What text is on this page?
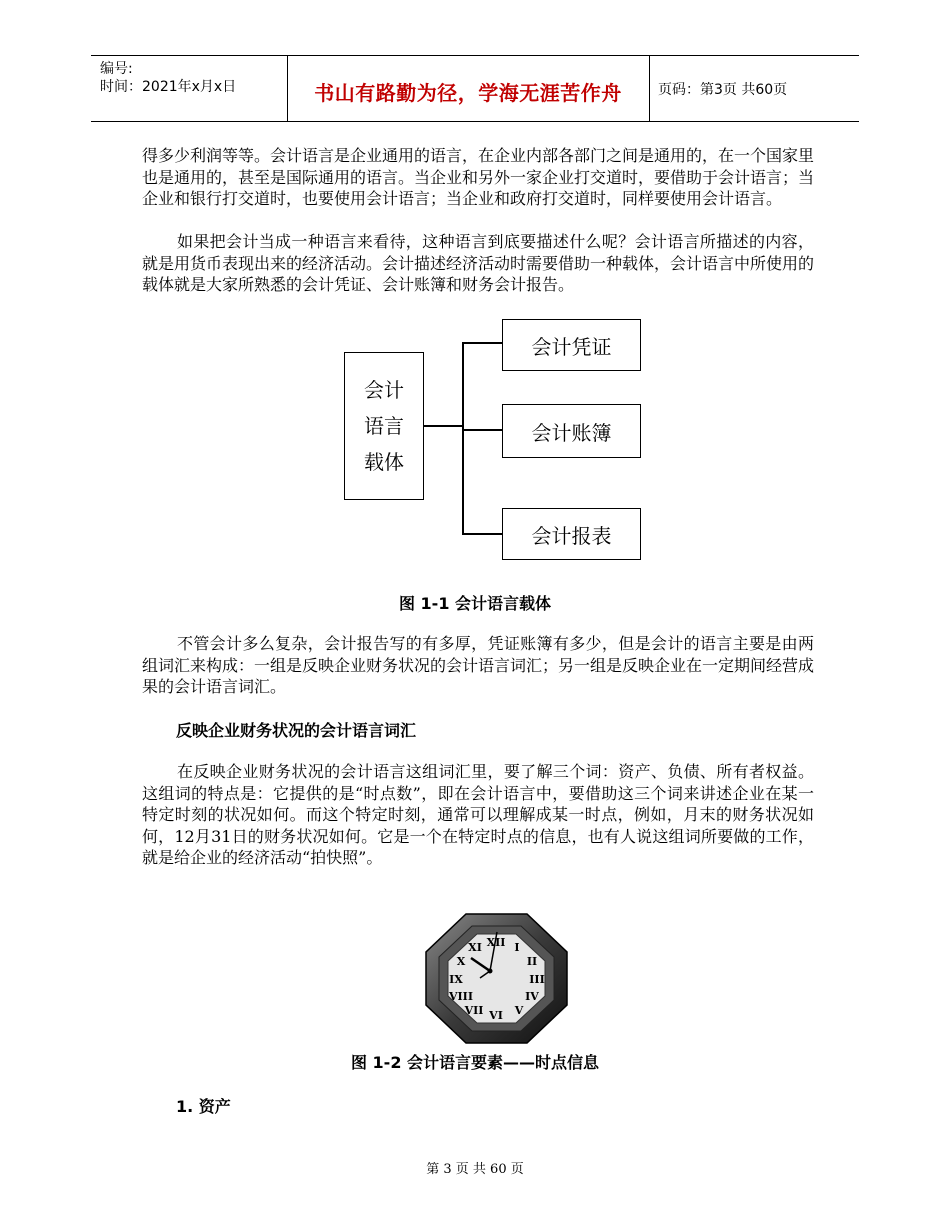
编号:
时间：2021年x月x日	书山有路勤为径，学海无涯苦作舟	页码：第3页 共60页
得多少利润等等。会计语言是企业通用的语言，在企业内部各部门之间是通用的，在一个国家里也是通用的，甚至是国际通用的语言。当企业和另外一家企业打交道时，要借助于会计语言；当企业和银行打交道时，也要使用会计语言；当企业和政府打交道时，同样要使用会计语言。
如果把会计当成一种语言来看待，这种语言到底要描述什么呢？会计语言所描述的内容，就是用货币表现出来的经济活动。会计描述经济活动时需要借助一种载体，会计语言中所使用的载体就是大家所熟悉的会计凭证、会计账簿和财务会计报告。
会计
语言
载体
会计凭证
会计账簿
会计报表
图 1-1 会计语言载体
不管会计多么复杂，会计报告写的有多厚，凭证账簿有多少，但是会计的语言主要是由两组词汇来构成：一组是反映企业财务状况的会计语言词汇；另一组是反映企业在一定期间经营成果的会计语言词汇。
反映企业财务状况的会计语言词汇
在反映企业财务状况的会计语言这组词汇里，要了解三个词：资产、负债、所有者权益。这组词的特点是：它提供的是“时点数”，即在会计语言中，要借助这三个词来讲述企业在某一特定时刻的状况如何。而这个特定时刻，通常可以理解成某一时点，例如，月末的财务状况如何，12月31日的财务状况如何。它是一个在特定时点的信息，也有人说这组词所要做的工作，就是给企业的经济活动“拍快照”。
XII I
II
III
IV
V
VI
VII
VIII
IX
X
XI
图 1-2 会计语言要素——时点信息
1. 资产
第 3 页 共 60 页
